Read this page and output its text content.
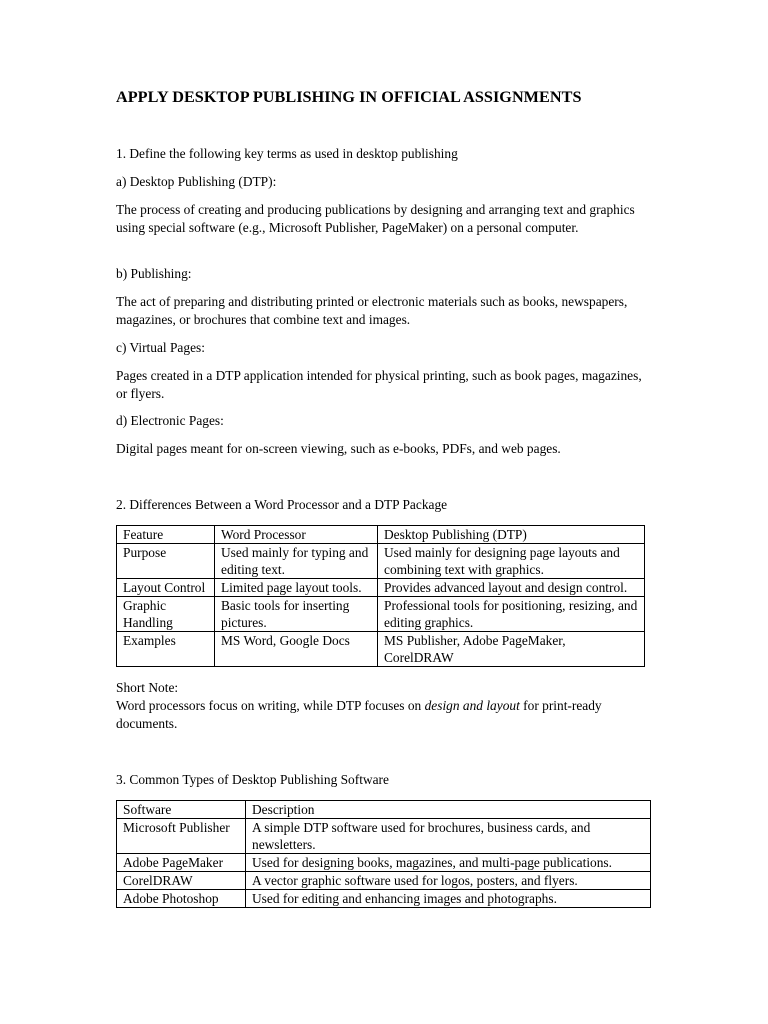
APPLY DESKTOP PUBLISHING IN OFFICIAL ASSIGNMENTS

1. Define the following key terms as used in desktop publishing

a) Desktop Publishing (DTP):

The process of creating and producing publications by designing and arranging text and graphics using special software (e.g., Microsoft Publisher, PageMaker) on a personal computer.

b) Publishing:

The act of preparing and distributing printed or electronic materials such as books, newspapers, magazines, or brochures that combine text and images.

c) Virtual Pages:

Pages created in a DTP application intended for physical printing, such as book pages, magazines, or flyers.

d) Electronic Pages:

Digital pages meant for on-screen viewing, such as e-books, PDFs, and web pages.

2. Differences Between a Word Processor and a DTP Package

Feature	Word Processor	Desktop Publishing (DTP)
Purpose	Used mainly for typing and editing text.	Used mainly for designing page layouts and combining text with graphics.
Layout Control	Limited page layout tools.	Provides advanced layout and design control.
Graphic Handling	Basic tools for inserting pictures.	Professional tools for positioning, resizing, and editing graphics.
Examples	MS Word, Google Docs	MS Publisher, Adobe PageMaker, CorelDRAW

Short Note:

Word processors focus on writing, while DTP focuses on design and layout for print-ready documents.

3. Common Types of Desktop Publishing Software

Software	Description
Microsoft Publisher	A simple DTP software used for brochures, business cards, and newsletters.
Adobe PageMaker	Used for designing books, magazines, and multi-page publications.
CorelDRAW	A vector graphic software used for logos, posters, and flyers.
Adobe Photoshop	Used for editing and enhancing images and photographs.
